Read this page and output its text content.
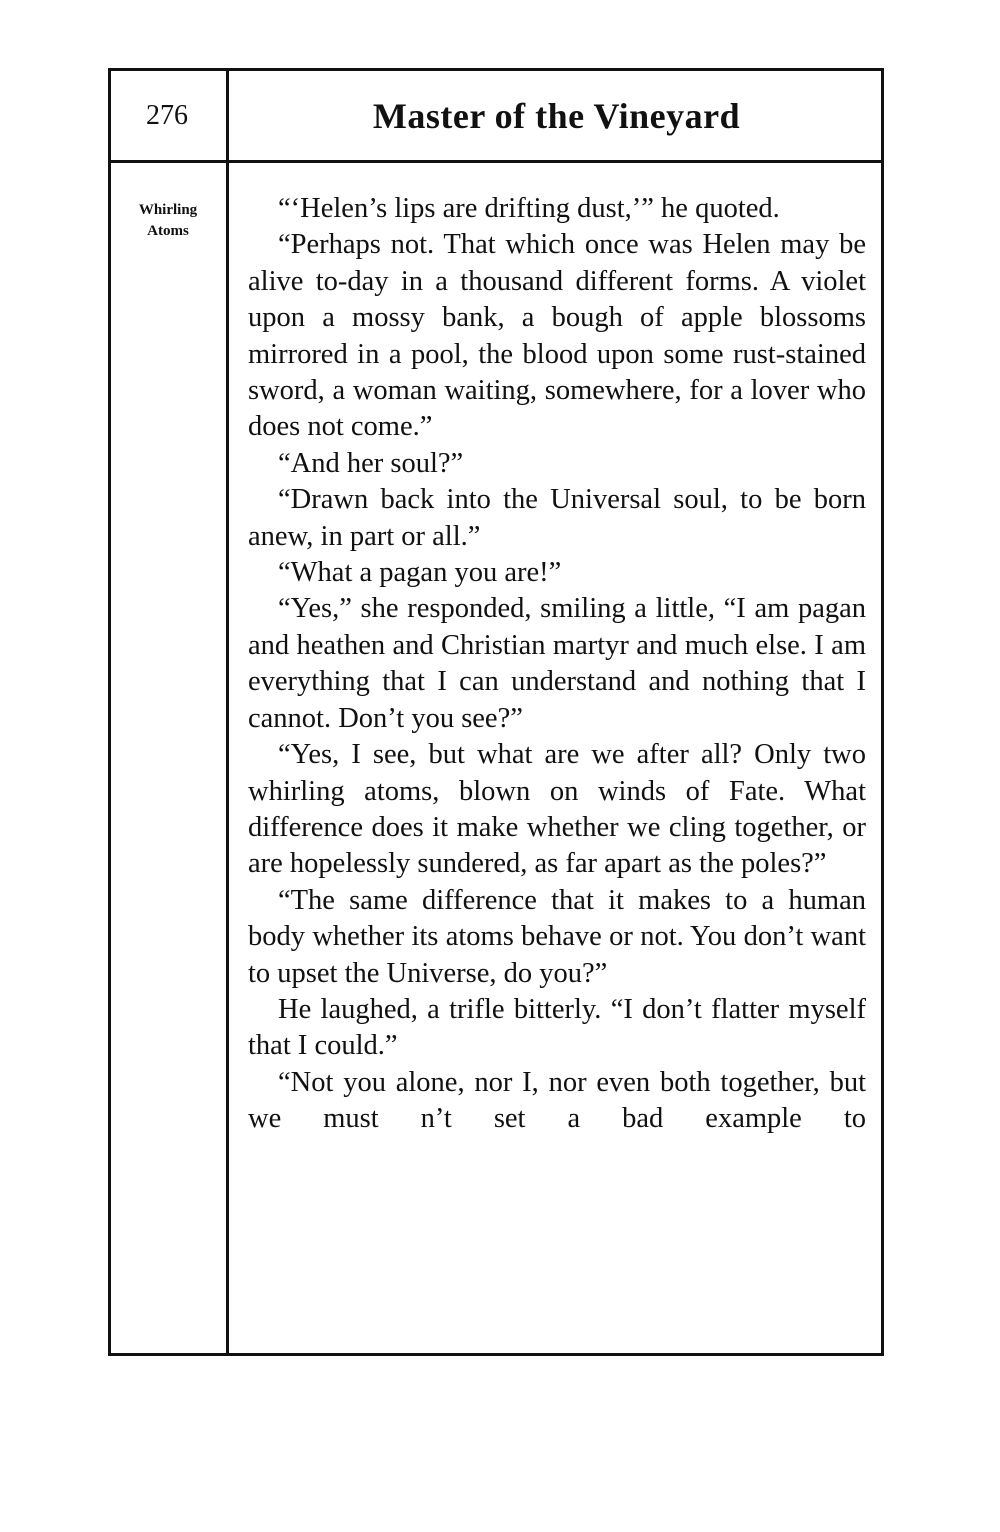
276	Master of the Vineyard
Whirling
Atoms

“‘Helen’s lips are drifting dust,’” he quoted.

“Perhaps not. That which once was Helen may be alive to-day in a thousand different forms. A violet upon a mossy bank, a bough of apple blossoms mirrored in a pool, the blood upon some rust-stained sword, a woman waiting, somewhere, for a lover who does not come.”

“And her soul?”

“Drawn back into the Universal soul, to be born anew, in part or all.”

“What a pagan you are!”

“Yes,” she responded, smiling a little, “I am pagan and heathen and Christian martyr and much else. I am everything that I can understand and nothing that I cannot. Don’t you see?”

“Yes, I see, but what are we after all? Only two whirling atoms, blown on winds of Fate. What difference does it make whether we cling together, or are hopelessly sundered, as far apart as the poles?”

“The same difference that it makes to a human body whether its atoms behave or not. You don’t want to upset the Universe, do you?”

He laughed, a trifle bitterly. “I don’t flatter myself that I could.”

“Not you alone, nor I, nor even both together, but we must n’t set a bad example to
